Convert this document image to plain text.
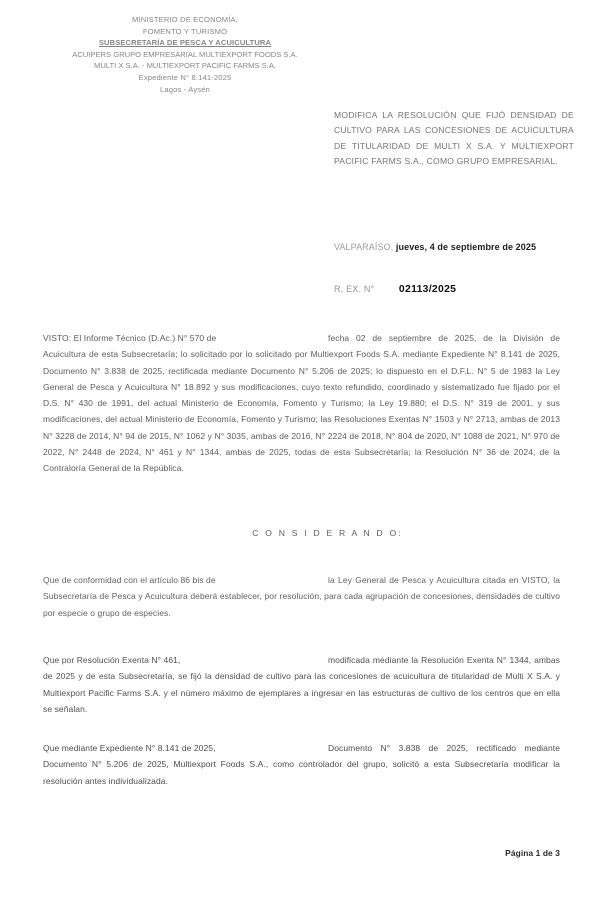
MINISTERIO DE ECONOMÍA,
FOMENTO Y TURISMO
SUBSECRETARÍA DE PESCA Y ACUICULTURA
ACUIPERS GRUPO EMPRESARIAL MULTIEXPORT FOODS S.A.
MULTI X S.A. - MULTIEXPORT PACIFIC FARMS S.A.
Expediente N° 8.141-2025
Lagos - Aysén
MODIFICA LA RESOLUCIÓN QUE FIJÓ DENSIDAD DE CULTIVO PARA LAS CONCESIONES DE ACUICULTURA DE TITULARIDAD DE MULTI X S.A. Y MULTIEXPORT PACIFIC FARMS S.A., COMO GRUPO EMPRESARIAL.
VALPARAÍSO, jueves, 4 de septiembre de 2025
R. EX. N° 02113/2025
VISTO: El Informe Técnico (D.Ac.) N° 570 de	fecha 02 de septiembre de 2025, de la División de Acuicultura de esta Subsecretaría; lo solicitado por lo solicitado por Multiexport Foods S.A. mediante Expediente N° 8.141 de 2025, Documento N° 3.838 de 2025, rectificada mediante Documento N° 5.206 de 2025; lo dispuesto en el D.F.L. N° 5 de 1983 la Ley General de Pesca y Acuicultura N° 18.892 y sus modificaciones, cuyo texto refundido, coordinado y sistematizado fue fijado por el D.S. N° 430 de 1991, del actual Ministerio de Economía, Fomento y Turismo; la Ley 19.880; el D.S. N° 319 de 2001, y sus modificaciones, del actual Ministerio de Economía, Fomento y Turismo; las Resoluciones Exentas N° 1503 y N° 2713, ambas de 2013 N° 3228 de 2014, N° 94 de 2015, N° 1062 y N° 3035, ambas de 2016, N° 2224 de 2018, N° 804 de 2020, N° 1088 de 2021, N° 970 de 2022, N° 2448 de 2024, N° 461 y N° 1344, ambas de 2025, todas de esta Subsecretaría; la Resolución N° 36 de 2024, de la Contraloría General de la República.
C O N S I D E R A N D O:
Que de conformidad con el artículo 86 bis de	la Ley General de Pesca y Acuicultura citada en VISTO, la Subsecretaría de Pesca y Acuicultura deberá establecer, por resolución, para cada agrupación de concesiones, densidades de cultivo por especie o grupo de especies.
Que por Resolución Exenta N° 461,	modificada mediante la Resolución Exenta N° 1344, ambas de 2025 y de esta Subsecretaría, se fijó la densidad de cultivo para las concesiones de acuicultura de titularidad de Multi X S.A. y Multiexport Pacific Farms S.A. y el número máximo de ejemplares a ingresar en las estructuras de cultivo de los centros que en ella se señalan.
Que mediante Expediente N° 8.141 de 2025,	Documento N° 3.838 de 2025, rectificado mediante Documento N° 5.206 de 2025, Multiexport Foods S.A., como controlador del grupo, solicitó a esta Subsecretaría modificar la resolución antes individualizada.
Página 1 de 3
